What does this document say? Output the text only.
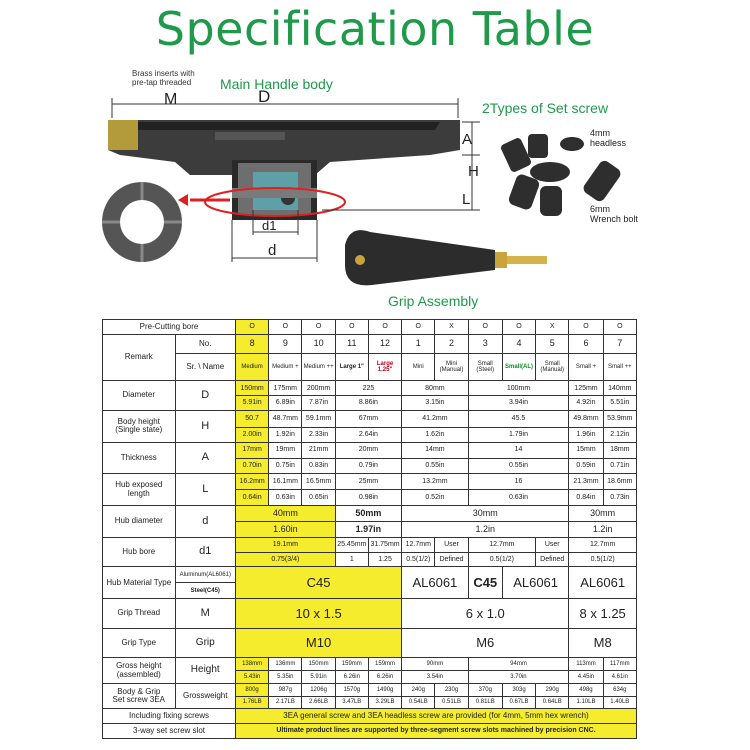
Specification Table
Brass inserts with
pre-tap threaded Main Handle body
M	D
A
H
L
d1
d
2Types of Set screw
4mm
headless
6mm
Wrench bolt
Grip Assembly
Pre-Cutting bore		O	O	O	O	O	O	X	O	O	X	O	O
Remark	No.	8	9	10	11	12	1	2	3	4	5	6	7
	Sr. \ Name	Medium	Medium +	Medium ++	Large 1"	Large 1.25"	Mini	Mini (Manual)	Small (Steel)	Small(AL)	Small (Manual)	Small +	Small ++
Diameter	D	150mm	175mm	200mm	225		80mm		100mm			125mm	140mm
		5.91in	6.89in	7.87in	8.86in		3.15in		3.94in			4.92in	5.51in
Body height
(Single state)	H	50.7	48.7mm	59.1mm	67mm		41.2mm		45.5			49.8mm	53.9mm
		2.00in	1.92in	2.33in	2.64in		1.62in		1.79in			1.96in	2.12in
Thickness	A	17mm	19mm	21mm	20mm		14mm		14			15mm	18mm
		0.70in	0.75in	0.83in	0.79in		0.55in		0.55in			0.59in	0.71in
Hub exposed
length	L	16.2mm	16.1mm	16.5mm	25mm		13.2mm		16			21.3mm	18.6mm
		0.64in	0.63in	0.65in	0.98in		0.52in		0.63in			0.84in	0.73in
Hub diameter	d	40mm			50mm		30mm					30mm	
		1.60in			1.97in		1.2in					1.2in	
Hub bore	d1	19.1mm			25.45mm	31.75mm	12.7mm	User	12.7mm		User	12.7mm	
		0.75(3/4)			1	1.25	0.5(1/2)	Defined	0.5(1/2)		Defined	0.5(1/2)	
Hub Material Type	Aluminum(AL6061)	C45					AL6061		C45	AL6061		AL6061	
	Steel(C45)												
Grip Thread	M	10 x 1.5					6 x 1.0					8 x 1.25	
Grip Type	Grip	M10					M6					M8	
Gross height
(assembled)	Height	138mm	136mm	150mm	159mm	159mm	90mm		94mm			113mm	117mm
		5.43in	5.35in	5.91in	6.26in	6.26in	3.54in		3.70in			4.45in	4.61in
Body & Grip
Set screw 3EA	Grossweight	800g	987g	1206g	1570g	1490g	240g	230g	370g	303g	290g	498g	634g
		1.76LB	2.17LB	2.66LB	3.47LB	3.29LB	0.54LB	0.51LB	0.81LB	0.67LB	0.64LB	1.10LB	1.40LB
Including fixing screws		3EA general screw and 3EA headless screw are provided (for 4mm, 5mm hex wrench)											
3-way set screw slot		Ultimate product lines are supported by three-segment screw slots machined by precision CNC.											
